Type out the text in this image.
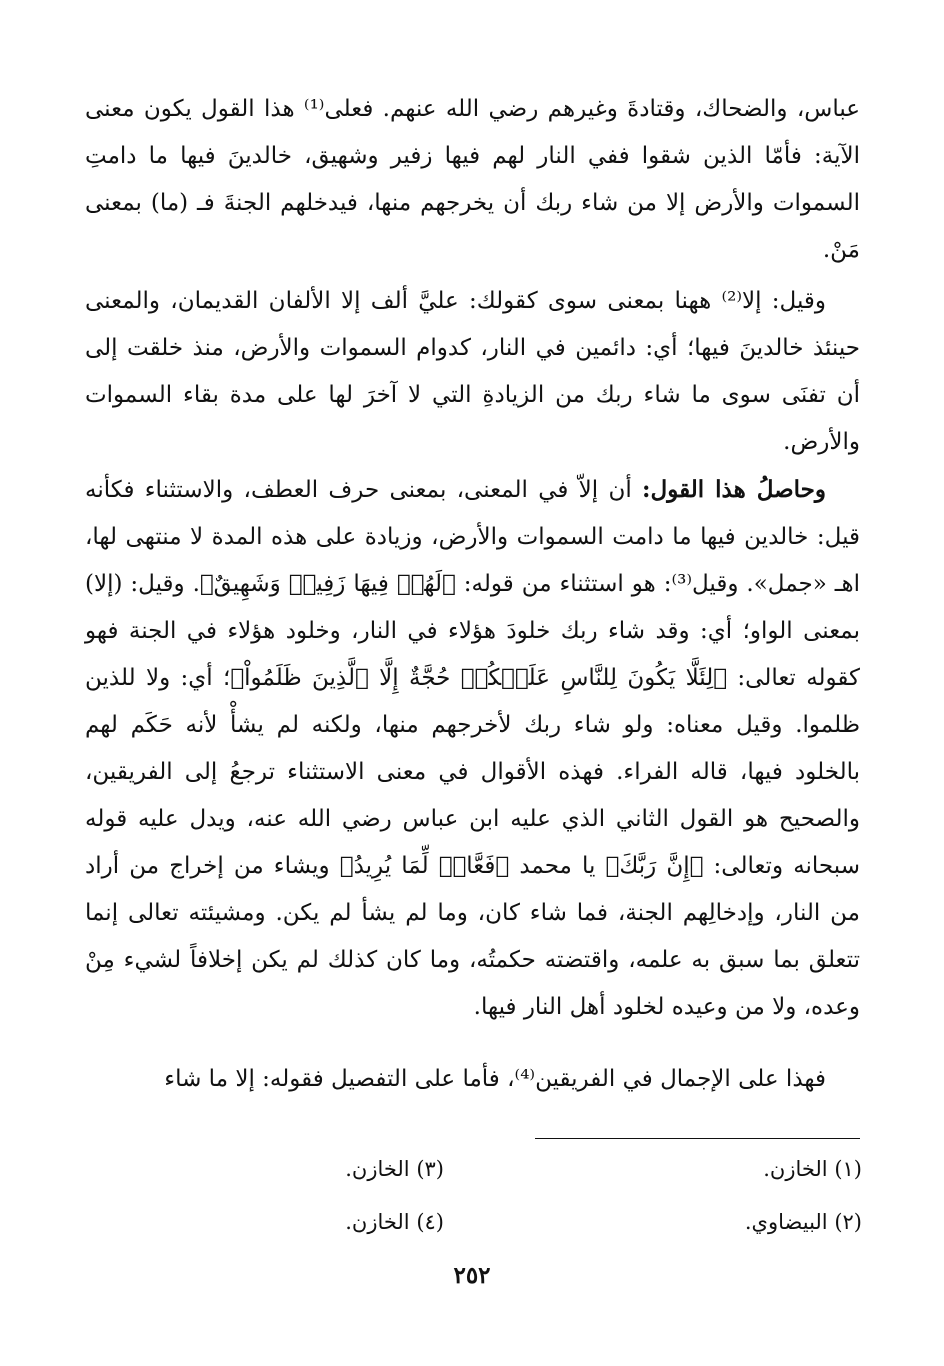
عباس، والضحاك، وقتادةَ وغيرهم رضي الله عنهم. فعلى⁽¹⁾ هذا القول يكون معنى الآية: فأمّا الذين شقوا ففي النار لهم فيها زفير وشهيق، خالدينَ فيها ما دامتِ السموات والأرض إلا من شاء ربك أن يخرجهم منها، فيدخلهم الجنةَ فـ (ما) بمعنى مَنْ.

وقيل: إلا⁽²⁾ ههنا بمعنى سوى كقولك: عليَّ ألف إلا الألفان القديمان، والمعنى حينئذ خالدينَ فيها؛ أي: دائمين في النار، كدوام السموات والأرض، منذ خلقت إلى أن تفنَى سوى ما شاء ربك من الزيادةِ التي لا آخرَ لها على مدة بقاء السموات والأرض.

وحاصلُ هذا القول: أن إلاّ في المعنى، بمعنى حرف العطف، والاستثناء فكأنه قيل: خالدين فيها ما دامت السموات والأرض، وزيادة على هذه المدة لا منتهى لها، اهـ «جمل». وقيل⁽³⁾: هو استثناء من قوله: ﴿لَهُمۡ فِيهَا زَفِيرٞ وَشَهِيقٌ﴾. وقيل: (إلا) بمعنى الواو؛ أي: وقد شاء ربك خلودَ هؤلاء في النار، وخلود هؤلاء في الجنة فهو كقوله تعالى: ﴿لِئَلَّا يَكُونَ لِلنَّاسِ عَلَيۡكُمۡ حُجَّةٌ إِلَّا ٱلَّذِينَ ظَلَمُواْ﴾؛ أي: ولا للذين ظلموا. وقيل معناه: ولو شاء ربك لأخرجهم منها، ولكنه لم يشأْ لأنه حَكَم لهم بالخلود فيها، قاله الفراء. فهذه الأقوال في معنى الاستثناء ترجعُ إلى الفريقين، والصحيح هو القول الثاني الذي عليه ابن عباس رضي الله عنه، ويدل عليه قوله سبحانه وتعالى: ﴿إِنَّ رَبَّكَ﴾ يا محمد ﴿فَعَّالٞ لِّمَا يُرِيدُ﴾ ويشاء من إخراج من أراد من النار، وإدخالِهم الجنة، فما شاء كان، وما لم يشأ لم يكن. ومشيئته تعالى إنما تتعلق بما سبق به علمه، واقتضته حكمتُه، وما كان كذلك لم يكن إخلافاً لشيء مِنْ وعده، ولا من وعيده لخلود أهل النار فيها.

فهذا على الإجمال في الفريقين⁽⁴⁾، فأما على التفصيل فقوله: إلا ما شاء

(١) الخازن.
(٢) البيضاوي.
(٣) الخازن.
(٤) الخازن.
٢٥٢
